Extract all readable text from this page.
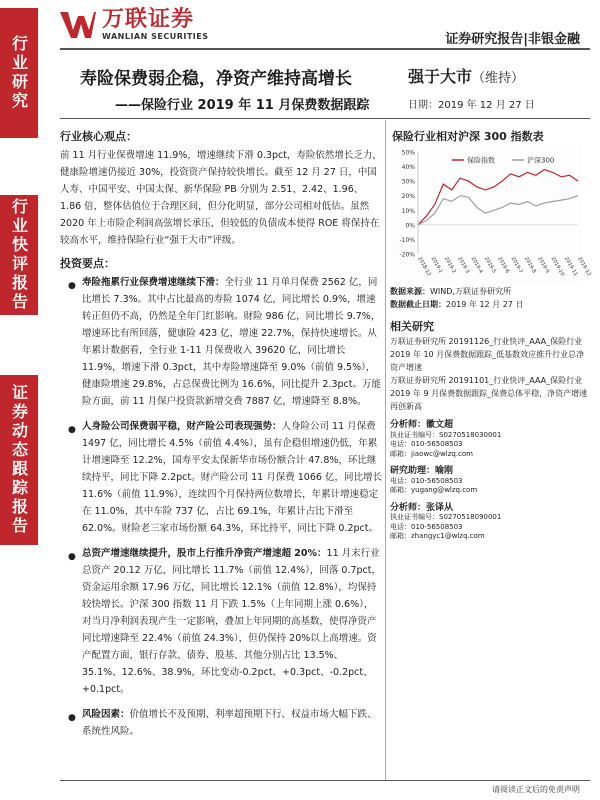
万联证券
WANLIAN SECURITIES	证券研究报告|非银金融
行业研究
行业快评报告
证券动态跟踪报告
寿险保费弱企稳，净资产维持高增长
——保险行业 2019 年 11 月保费数据跟踪
强于大市（维持）
日期：2019 年 12 月 27 日

行业核心观点：

前 11 月行业保费增速 11.9%，增速继续下滑 0.3pct，寿险依然增长乏力，健康险增速仍接近 30%，投资资产保持较快增长。截至 12 月 27 日，中国人寿、中国平安、中国太保、新华保险 PB 分别为 2.51、2.42、1.96、1.86 倍，整体估值位于合理区间，但分化明显，部分公司相对低估。虽然 2020 年上市险企利润高弦增长承压，但较低的负债成本使得 ROE 将保持在较高水平，维持保险行业“强于大市”评级。

投资要点：

● 寿险拖累行业保费增速继续下滑：全行业 11 月单月保费 2562 亿，同比增长 7.3%。其中占比最高的寿险 1074 亿，同比增长 0.9%，增速转正但仍不高，仍然是全年门红影响。财险 986 亿，同比增长 9.7%，增速环比有所回落，健康险 423 亿，增速 22.7%，保持快速增长。从年累计数据看，全行业 1-11 月保费收入 39620 亿，同比增长 11.9%，增速下滑 0.3pct，其中寿险增速降至 9.0%（前值 9.5%），健康险增速 29.8%，占总保费比例为 16.6%，同比提升 2.3pct。万能险方面，前 11 月保户投资款新增交费 7887 亿，增速降至 8.8%。
● 人身险公司保费弱平稳，财产险公司表现强势：人身险公司 11 月保费 1497 亿，同比增长 4.5%（前值 4.4%），虽有企稳但增速仍低，年累计增速降至 12.2%，国寿平安太保新华市场份额合计 47.8%，环比继续持平，同比下降 2.2pct。财产险公司 11 月保费 1066 亿，同比增长 11.6%（前值 11.9%），连续四个月保持两位数增长，年累计增速稳定在 11.0%，其中车险 737 亿，占比 69.1%，年累计占比下滑至 62.0%。财险老三家市场份额 64.3%，环比持平，同比下降 0.2pct。
● 总资产增速继续提升，股市上行推升净资产增速超 20%：11 月末行业总资产 20.12 万亿，同比增长 11.7%（前值 12.4%），回落 0.7pct，资金运用余额 17.96 万亿，同比增长 12.1%（前值 12.8%），均保持较快增长。沪深 300 指数 11 月下跌 1.5%（上年同期上涨 0.6%），对当月净利润表现产生一定影响，叠加上年同期的高基数，使得净资产同比增速降至 22.4%（前值 24.3%），但仍保持 20%以上高增速。资产配置方面，银行存款、债券、股基、其他分别占比 13.5%、35.1%、12.6%、38.9%，环比变动-0.2pct、+0.3pct、-0.2pct、+0.1pct。
● 风险因素：价值增长不及预期、利率超预期下行、权益市场大幅下跌、系统性风险。
保险行业相对沪深 300 指数表
50%
40%
30%
20%
10%
0%
-10%
-20%
2018-12
2019-1 2019-2 2019-3 2019-4 2019-5 2019-6 2019-7 2019-8 2019-9 2019-10
2019-11
2019-12
保险指数	沪深300
数据来源：WIND,万联证券研究所
数据截止日期：2019 年 12 月 27 日
相关研究
万联证券研究所 20191126_行业快评_AAA_保险行业 2019 年 10 月保费数据跟踪_低基数效应推升行业总净资产增速
万联证券研究所 20191101_行业快评_AAA_保险行业 2019 年 9 月保费数据跟踪_保费总体平稳，净资产增速再创新高
分析师：徽文超
执业证书编号：S0270518030001
电话：010-56508503
邮箱：jiaowc@wlzq.com
研究助理：喻刚
电话：010-56508503
邮箱：yugang@wlzq.com
分析师：张译从
执业证书编号：S0270518090001
电话：010-56508503
邮箱：zhangyc1@wlzq.com
请阅读正文后的免责声明
